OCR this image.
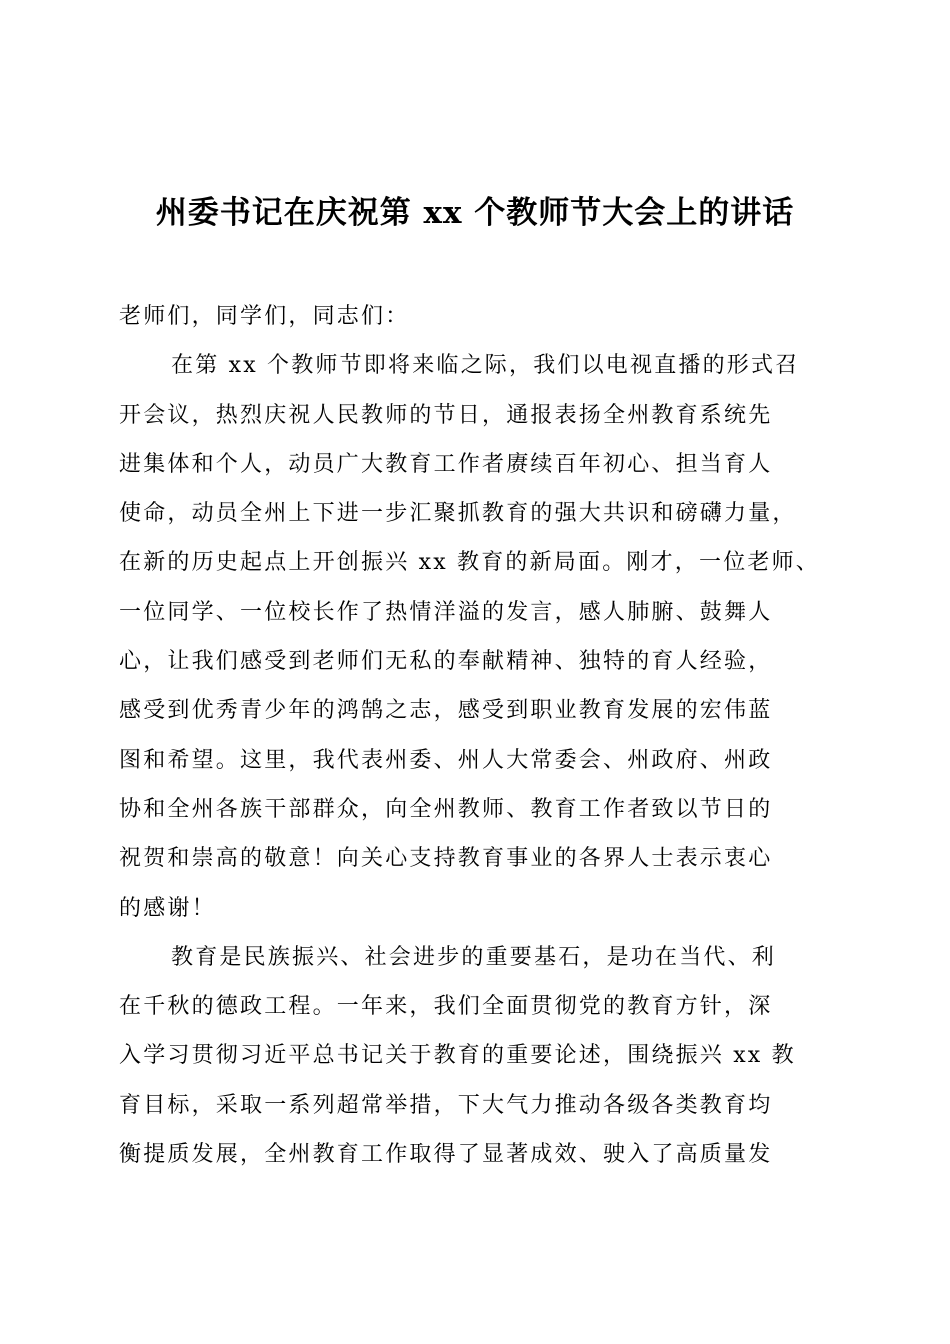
州委书记在庆祝第 xx 个教师节大会上的讲话
老师们，同学们，同志们：
在第 xx 个教师节即将来临之际，我们以电视直播的形式召
开会议，热烈庆祝人民教师的节日，通报表扬全州教育系统先
进集体和个人，动员广大教育工作者赓续百年初心、担当育人
使命，动员全州上下进一步汇聚抓教育的强大共识和磅礴力量，
在新的历史起点上开创振兴 xx 教育的新局面。刚才，一位老师、
一位同学、一位校长作了热情洋溢的发言，感人肺腑、鼓舞人
心，让我们感受到老师们无私的奉献精神、独特的育人经验，
感受到优秀青少年的鸿鹄之志，感受到职业教育发展的宏伟蓝
图和希望。这里，我代表州委、州人大常委会、州政府、州政
协和全州各族干部群众，向全州教师、教育工作者致以节日的
祝贺和崇高的敬意！向关心支持教育事业的各界人士表示衷心
的感谢！
教育是民族振兴、社会进步的重要基石，是功在当代、利
在千秋的德政工程。一年来，我们全面贯彻党的教育方针，深
入学习贯彻习近平总书记关于教育的重要论述，围绕振兴 xx 教
育目标，采取一系列超常举措，下大气力推动各级各类教育均
衡提质发展，全州教育工作取得了显著成效、驶入了高质量发
